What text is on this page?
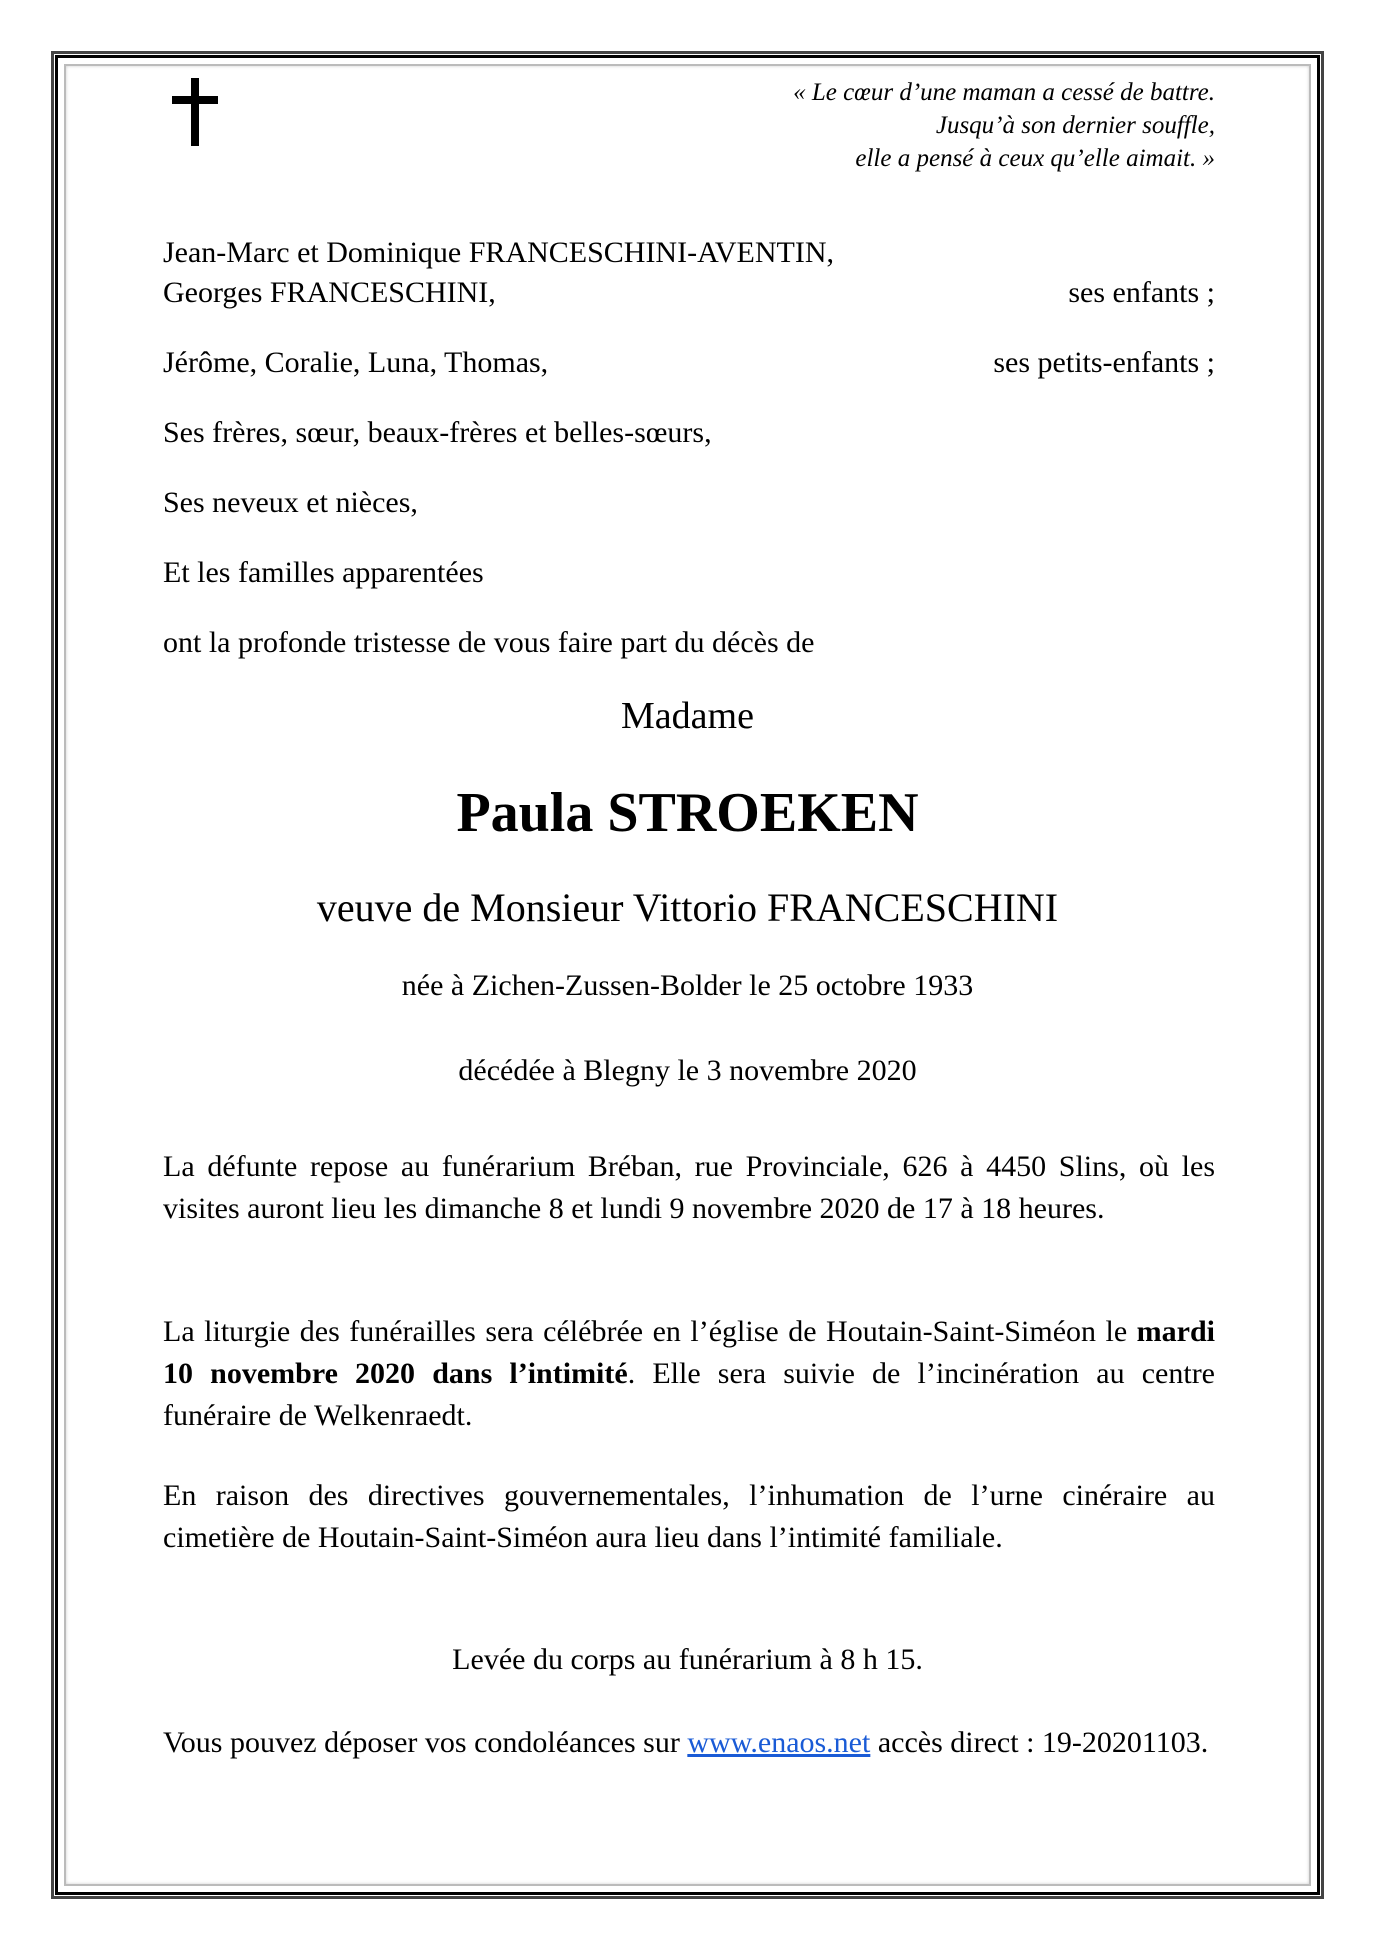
« Le cœur d’une maman a cessé de battre.
Jusqu’à son dernier souffle,
elle a pensé à ceux qu’elle aimait. »
Jean-Marc et Dominique FRANCESCHINI-AVENTIN,
Georges FRANCESCHINI,	ses enfants ;
Jérôme, Coralie, Luna, Thomas,	ses petits-enfants ;
Ses frères, sœur, beaux-frères et belles-sœurs,
Ses neveux et nièces,
Et les familles apparentées
ont la profonde tristesse de vous faire part du décès de
Madame
Paula STROEKEN
veuve de Monsieur Vittorio FRANCESCHINI
née à Zichen-Zussen-Bolder le 25 octobre 1933
décédée à Blegny le 3 novembre 2020
La défunte repose au funérarium Bréban, rue Provinciale, 626 à 4450 Slins, où les visites auront lieu les dimanche 8 et lundi 9 novembre 2020 de 17 à 18 heures.
La liturgie des funérailles sera célébrée en l’église de Houtain-Saint-Siméon le mardi 10 novembre 2020 dans l’intimité. Elle sera suivie de l’incinération au centre funéraire de Welkenraedt.
En raison des directives gouvernementales, l’inhumation de l’urne cinéraire au cimetière de Houtain-Saint-Siméon aura lieu dans l’intimité familiale.
Levée du corps au funérarium à 8 h 15.
Vous pouvez déposer vos condoléances sur www.enaos.net accès direct : 19-20201103.
